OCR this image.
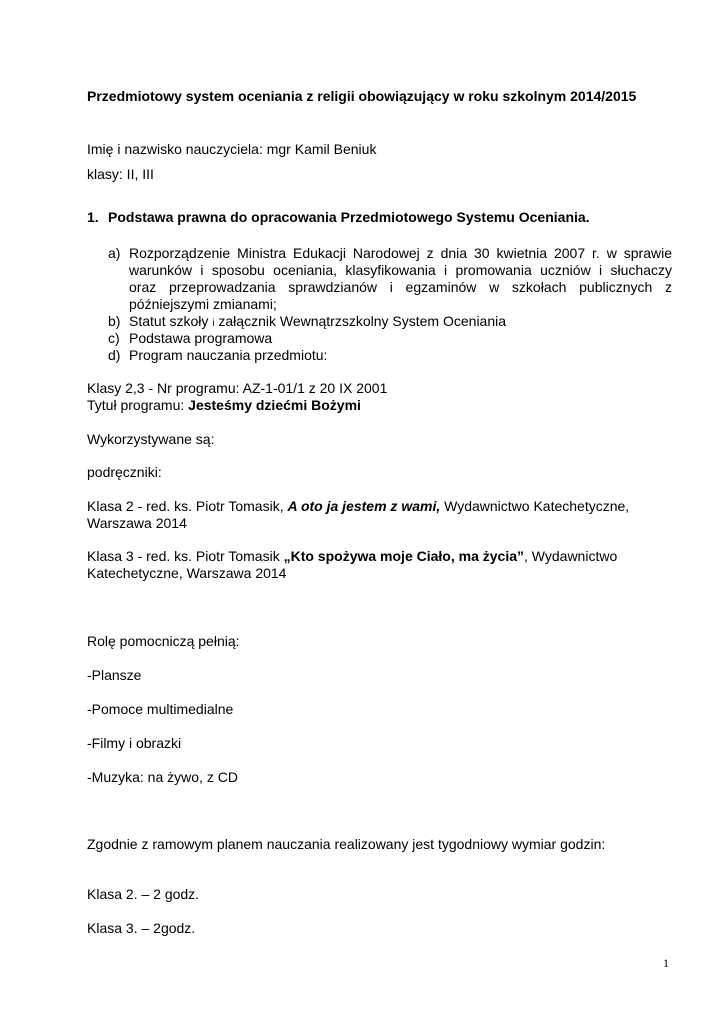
Przedmiotowy system oceniania z religii obowiązujący w roku szkolnym 2014/2015
Imię i nazwisko nauczyciela: mgr Kamil Beniuk
klasy: II, III
1. Podstawa prawna do opracowania Przedmiotowego Systemu Oceniania.
a) Rozporządzenie Ministra Edukacji Narodowej z dnia 30 kwietnia 2007 r. w sprawie
warunków i sposobu oceniania, klasyfikowania i promowania uczniów i słuchaczy
oraz przeprowadzania sprawdzianów i egzaminów w szkołach publicznych z
późniejszymi zmianami;
b) Statut szkoły i załącznik Wewnątrzszkolny System Oceniania
c) Podstawa programowa
d) Program nauczania przedmiotu:
Klasy 2,3 - Nr programu: AZ-1-01/1 z 20 IX 2001
Tytuł programu: Jesteśmy dziećmi Bożymi
Wykorzystywane są:
podręczniki:
Klasa 2 - red. ks. Piotr Tomasik, A oto ja jestem z wami, Wydawnictwo Katechetyczne,
Warszawa 2014
Klasa 3 - red. ks. Piotr Tomasik „Kto spożywa moje Ciało, ma życia”, Wydawnictwo
Katechetyczne, Warszawa 2014
Rolę pomocniczą pełnią:
-Plansze
-Pomoce multimedialne
-Filmy i obrazki
-Muzyka: na żywo, z CD
Zgodnie z ramowym planem nauczania realizowany jest tygodniowy wymiar godzin:
Klasa 2. – 2 godz.
Klasa 3. – 2godz.
1
